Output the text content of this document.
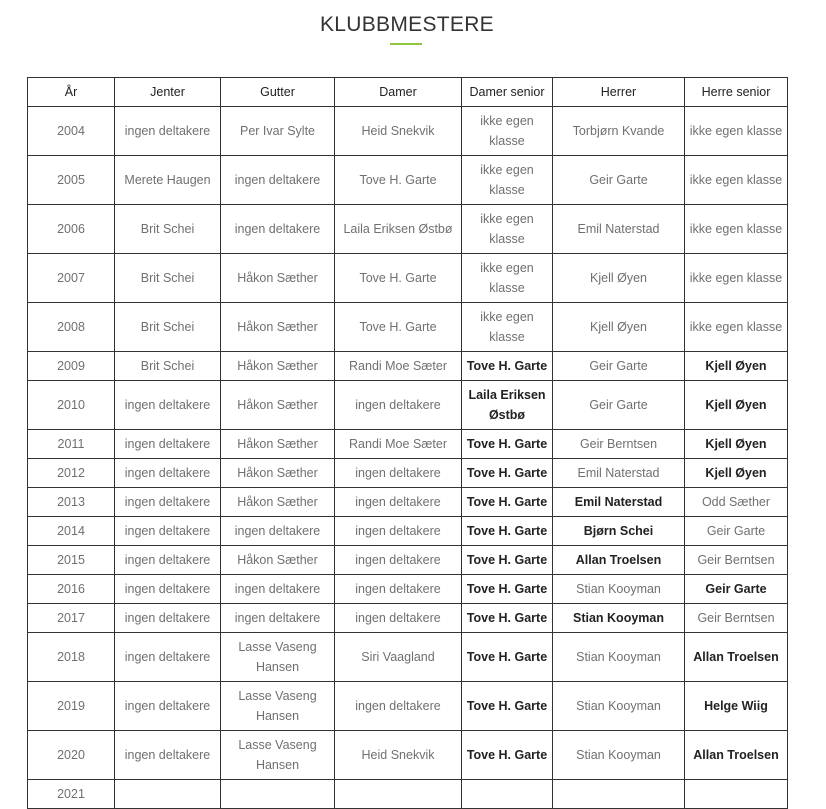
KLUBBMESTERE
År	Jenter	Gutter	Damer	Damer senior	Herrer	Herre senior
2004	ingen deltakere	Per Ivar Sylte	Heid Snekvik	ikke egen klasse	Torbjørn Kvande	ikke egen klasse
2005	Merete Haugen	ingen deltakere	Tove H. Garte	ikke egen klasse	Geir Garte	ikke egen klasse
2006	Brit Schei	ingen deltakere	Laila Eriksen Østbø	ikke egen klasse	Emil Naterstad	ikke egen klasse
2007	Brit Schei	Håkon Sæther	Tove H. Garte	ikke egen klasse	Kjell Øyen	ikke egen klasse
2008	Brit Schei	Håkon Sæther	Tove H. Garte	ikke egen klasse	Kjell Øyen	ikke egen klasse
2009	Brit Schei	Håkon Sæther	Randi Moe Sæter	Tove H. Garte	Geir Garte	Kjell Øyen
2010	ingen deltakere	Håkon Sæther	ingen deltakere	Laila Eriksen Østbø	Geir Garte	Kjell Øyen
2011	ingen deltakere	Håkon Sæther	Randi Moe Sæter	Tove H. Garte	Geir Berntsen	Kjell Øyen
2012	ingen deltakere	Håkon Sæther	ingen deltakere	Tove H. Garte	Emil Naterstad	Kjell Øyen
2013	ingen deltakere	Håkon Sæther	ingen deltakere	Tove H. Garte	Emil Naterstad	Odd Sæther
2014	ingen deltakere	ingen deltakere	ingen deltakere	Tove H. Garte	Bjørn Schei	Geir Garte
2015	ingen deltakere	Håkon Sæther	ingen deltakere	Tove H. Garte	Allan Troelsen	Geir Berntsen
2016	ingen deltakere	ingen deltakere	ingen deltakere	Tove H. Garte	Stian Kooyman	Geir Garte
2017	ingen deltakere	ingen deltakere	ingen deltakere	Tove H. Garte	Stian Kooyman	Geir Berntsen
2018	ingen deltakere	Lasse Vaseng Hansen	Siri Vaagland	Tove H. Garte	Stian Kooyman	Allan Troelsen
2019	ingen deltakere	Lasse Vaseng Hansen	ingen deltakere	Tove H. Garte	Stian Kooyman	Helge Wiig
2020	ingen deltakere	Lasse Vaseng Hansen	Heid Snekvik	Tove H. Garte	Stian Kooyman	Allan Troelsen
2021						
